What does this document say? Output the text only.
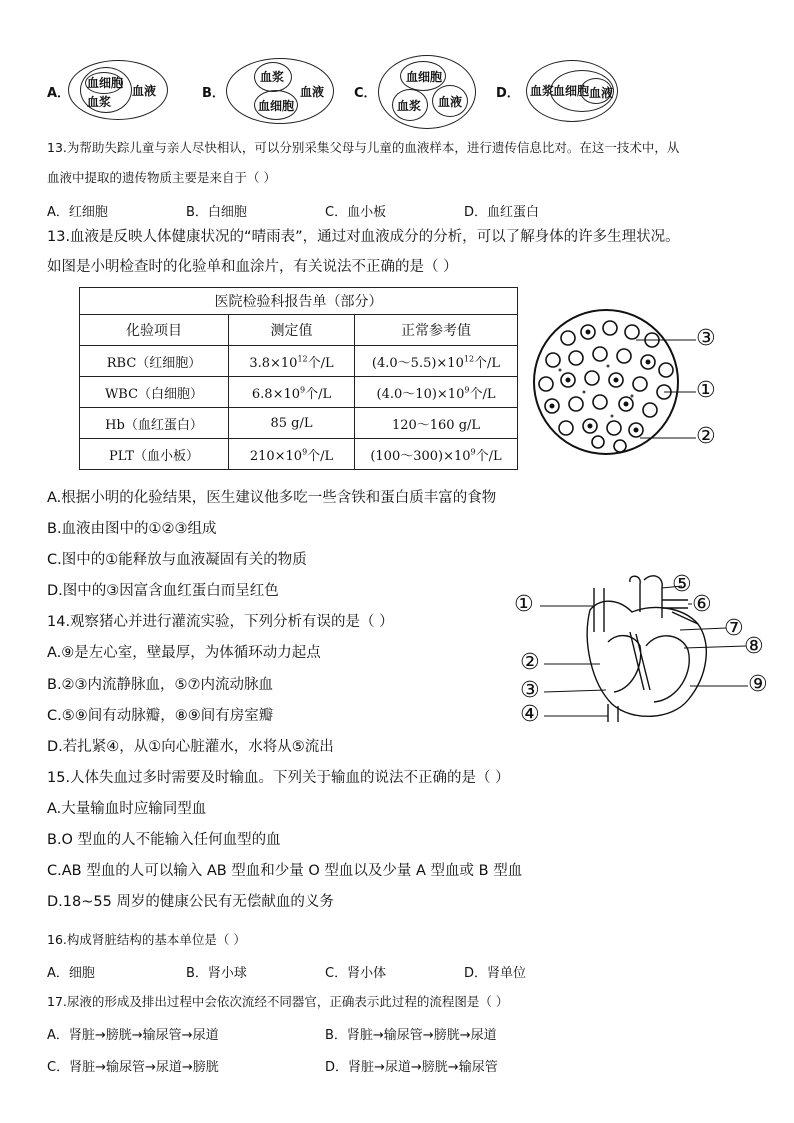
A．
血细胞
血浆
血液	B．
血浆
血细胞
血液 C．
血细胞
血浆 血液
D． 血浆
血细胞 血液
13.为帮助失踪儿童与亲人尽快相认，可以分别采集父母与儿童的血液样本，进行遗传信息比对。在这一技术中，从
血液中提取的遗传物质主要是来自于（ ）
A．红细胞	B．白细胞	C．血小板	D．血红蛋白
13.血液是反映人体健康状况的“晴雨表”，通过对血液成分的分析，可以了解身体的许多生理状况。
如图是小明检查时的化验单和血涂片，有关说法不正确的是（ ）
医院检验科报告单（部分）		
化验项目	测定值	正常参考值
RBC（红细胞）	$3.8\times 10^{12}$个/L	$(4.0\sim 5.5)\times 10^{12}$个/L
WBC（白细胞）	$6.8\times 10^9$个/L	$(4.0\sim 10)\times 10^9$个/L
Hb（血红蛋白）	85 g/L	120～160 g/L
PLT（血小板）	$210\times 10^9$个/L	$(100\sim 300)\times 10^9$个/L
③
①
②
A.根据小明的化验结果，医生建议他多吃一些含铁和蛋白质丰富的食物
B.血液由图中的①②③组成
C.图中的①能释放与血液凝固有关的物质
D.图中的③因富含血红蛋白而呈红色
①
②
③
④
⑤
⑥
⑦
⑧
⑨
14.观察猪心并进行灌流实验，下列分析有误的是（ ）
A.⑨是左心室，壁最厚，为体循环动力起点
B.②③内流静脉血，⑤⑦内流动脉血
C.⑤⑨间有动脉瓣，⑧⑨间有房室瓣
D.若扎紧④，从①向心脏灌水，水将从⑤流出
15.人体失血过多时需要及时输血。下列关于输血的说法不正确的是（ ）
A.大量输血时应输同型血
B.O 型血的人不能输入任何血型的血
C.AB 型血的人可以输入 AB 型血和少量 O 型血以及少量 A 型血或 B 型血
D.18~55 周岁的健康公民有无偿献血的义务
16.构成肾脏结构的基本单位是（ ）
A．细胞	B．肾小球	C．肾小体	D．肾单位
17.尿液的形成及排出过程中会依次流经不同器官，正确表示此过程的流程图是（ ）
A．肾脏→膀胱→输尿管→尿道	B．肾脏→输尿管→膀胱→尿道
C．肾脏→输尿管→尿道→膀胱	D．肾脏→尿道→膀胱→输尿管
